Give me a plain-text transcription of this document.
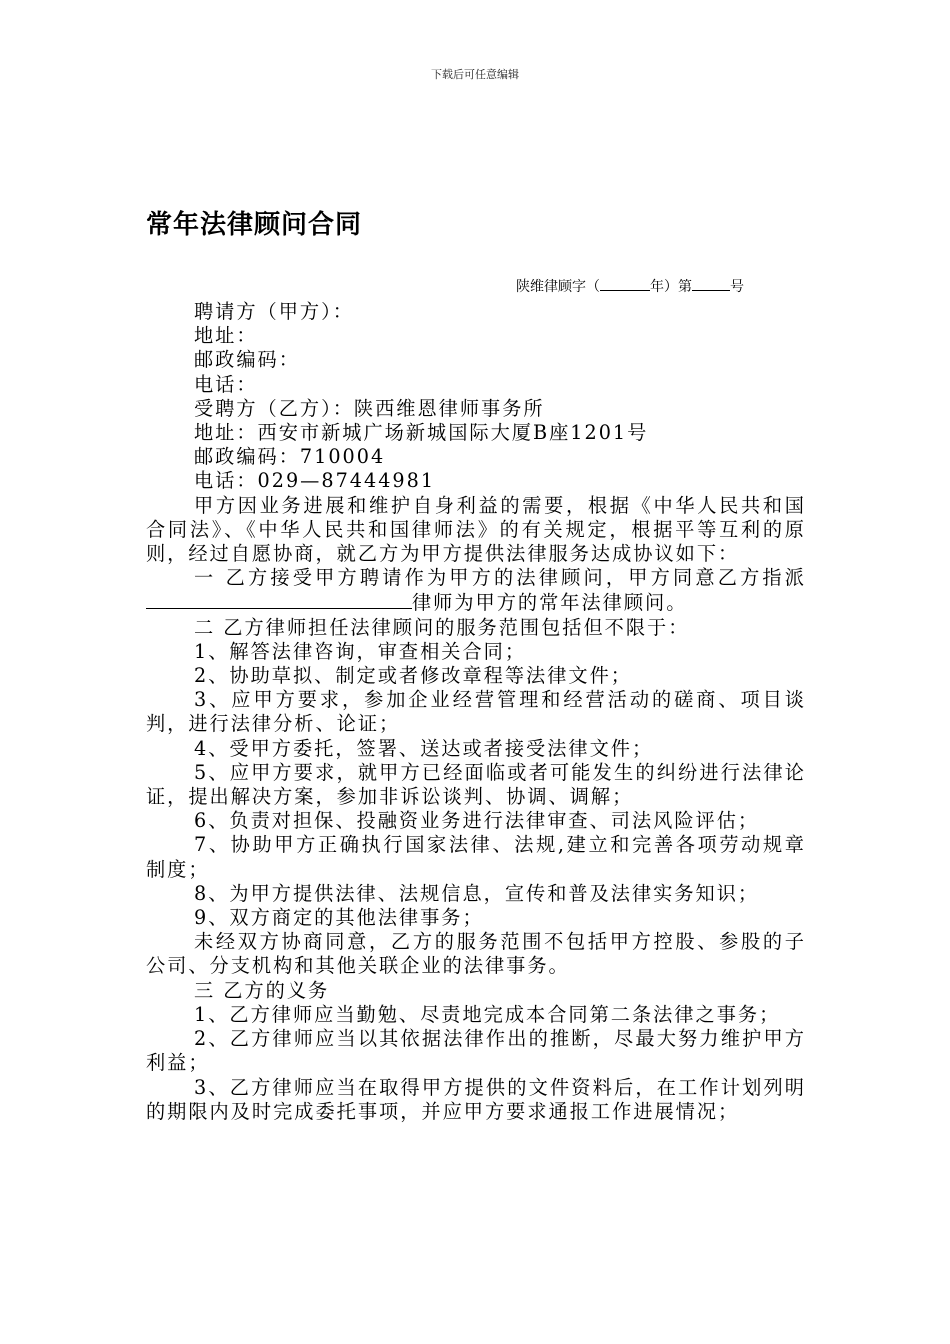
下载后可任意编辑
常年法律顾问合同
陕维律顾字（	年）第	号

聘请方（甲方）：

地址：

邮政编码：

电话：

受聘方（乙方）：陕西维恩律师事务所

地址：西安市新城广场新城国际大厦B座1201号

邮政编码：710004

电话：029—87444981

甲方因业务进展和维护自身利益的需要，根据《中华人民共和国合同法》、《中华人民共和国律师法》的有关规定，根据平等互利的原则，经过自愿协商，就乙方为甲方提供法律服务达成协议如下：

一 乙方接受甲方聘请作为甲方的法律顾问，甲方同意乙方指派律师为甲方的常年法律顾问。

二 乙方律师担任法律顾问的服务范围包括但不限于：

1、解答法律咨询，审查相关合同；

2、协助草拟、制定或者修改章程等法律文件；

3、应甲方要求，参加企业经营管理和经营活动的磋商、项目谈判，进行法律分析、论证；

4、受甲方委托，签署、送达或者接受法律文件；

5、应甲方要求，就甲方已经面临或者可能发生的纠纷进行法律论证，提出解决方案，参加非诉讼谈判、协调、调解；

6、负责对担保、投融资业务进行法律审查、司法风险评估；

7、协助甲方正确执行国家法律、法规,建立和完善各项劳动规章制度；

8、为甲方提供法律、法规信息，宣传和普及法律实务知识；

9、双方商定的其他法律事务；

未经双方协商同意，乙方的服务范围不包括甲方控股、参股的子公司、分支机构和其他关联企业的法律事务。

三 乙方的义务

1、乙方律师应当勤勉、尽责地完成本合同第二条法律之事务；

2、乙方律师应当以其依据法律作出的推断，尽最大努力维护甲方利益；

3、乙方律师应当在取得甲方提供的文件资料后，在工作计划列明的期限内及时完成委托事项，并应甲方要求通报工作进展情况；
